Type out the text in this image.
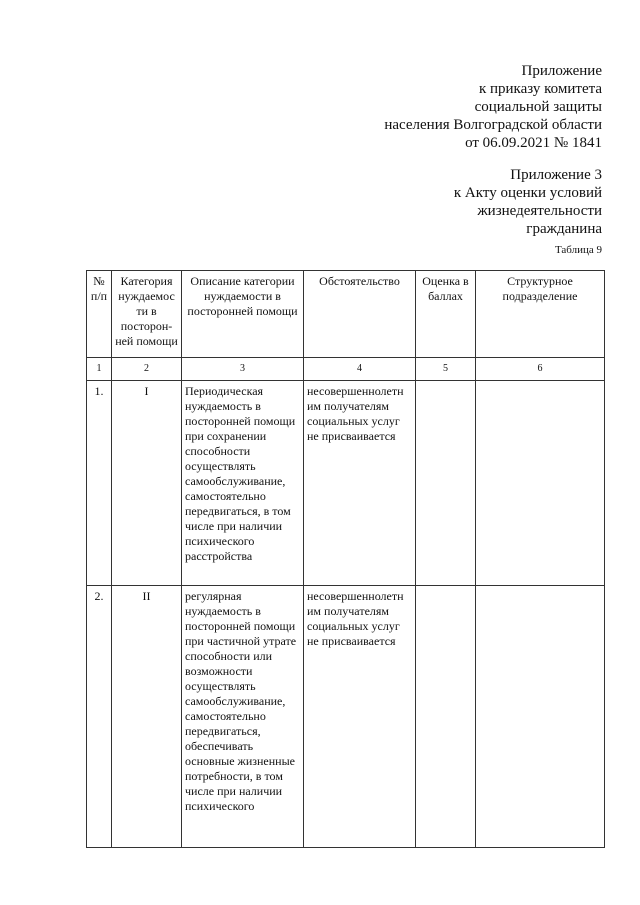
Приложение
к приказу комитета
социальной защиты
населения Волгоградской области
от 06.09.2021 № 1841
Приложение 3
к Акту оценки условий
жизнедеятельности
гражданина
Таблица 9
№ п/п	Категория нуждаемос ти в посторон- ней помощи	Описание категории нуждаемости в посторонней помощи	Обстоятельство	Оценка в баллах	Структурное подразделение
1	2	3	4	5	6
1.	I	Периодическая нуждаемость в посторонней помощи при сохранении способности осуществлять самообслуживание, самостоятельно передвигаться, в том числе при наличии психического расстройства	несовершеннолетн им получателям социальных услуг не присваивается		
2.	II	регулярная нуждаемость в посторонней помощи при частичной утрате способности или возможности осуществлять самообслуживание, самостоятельно передвигаться, обеспечивать основные жизненные потребности, в том числе при наличии психического	несовершеннолетн им получателям социальных услуг не присваивается		
